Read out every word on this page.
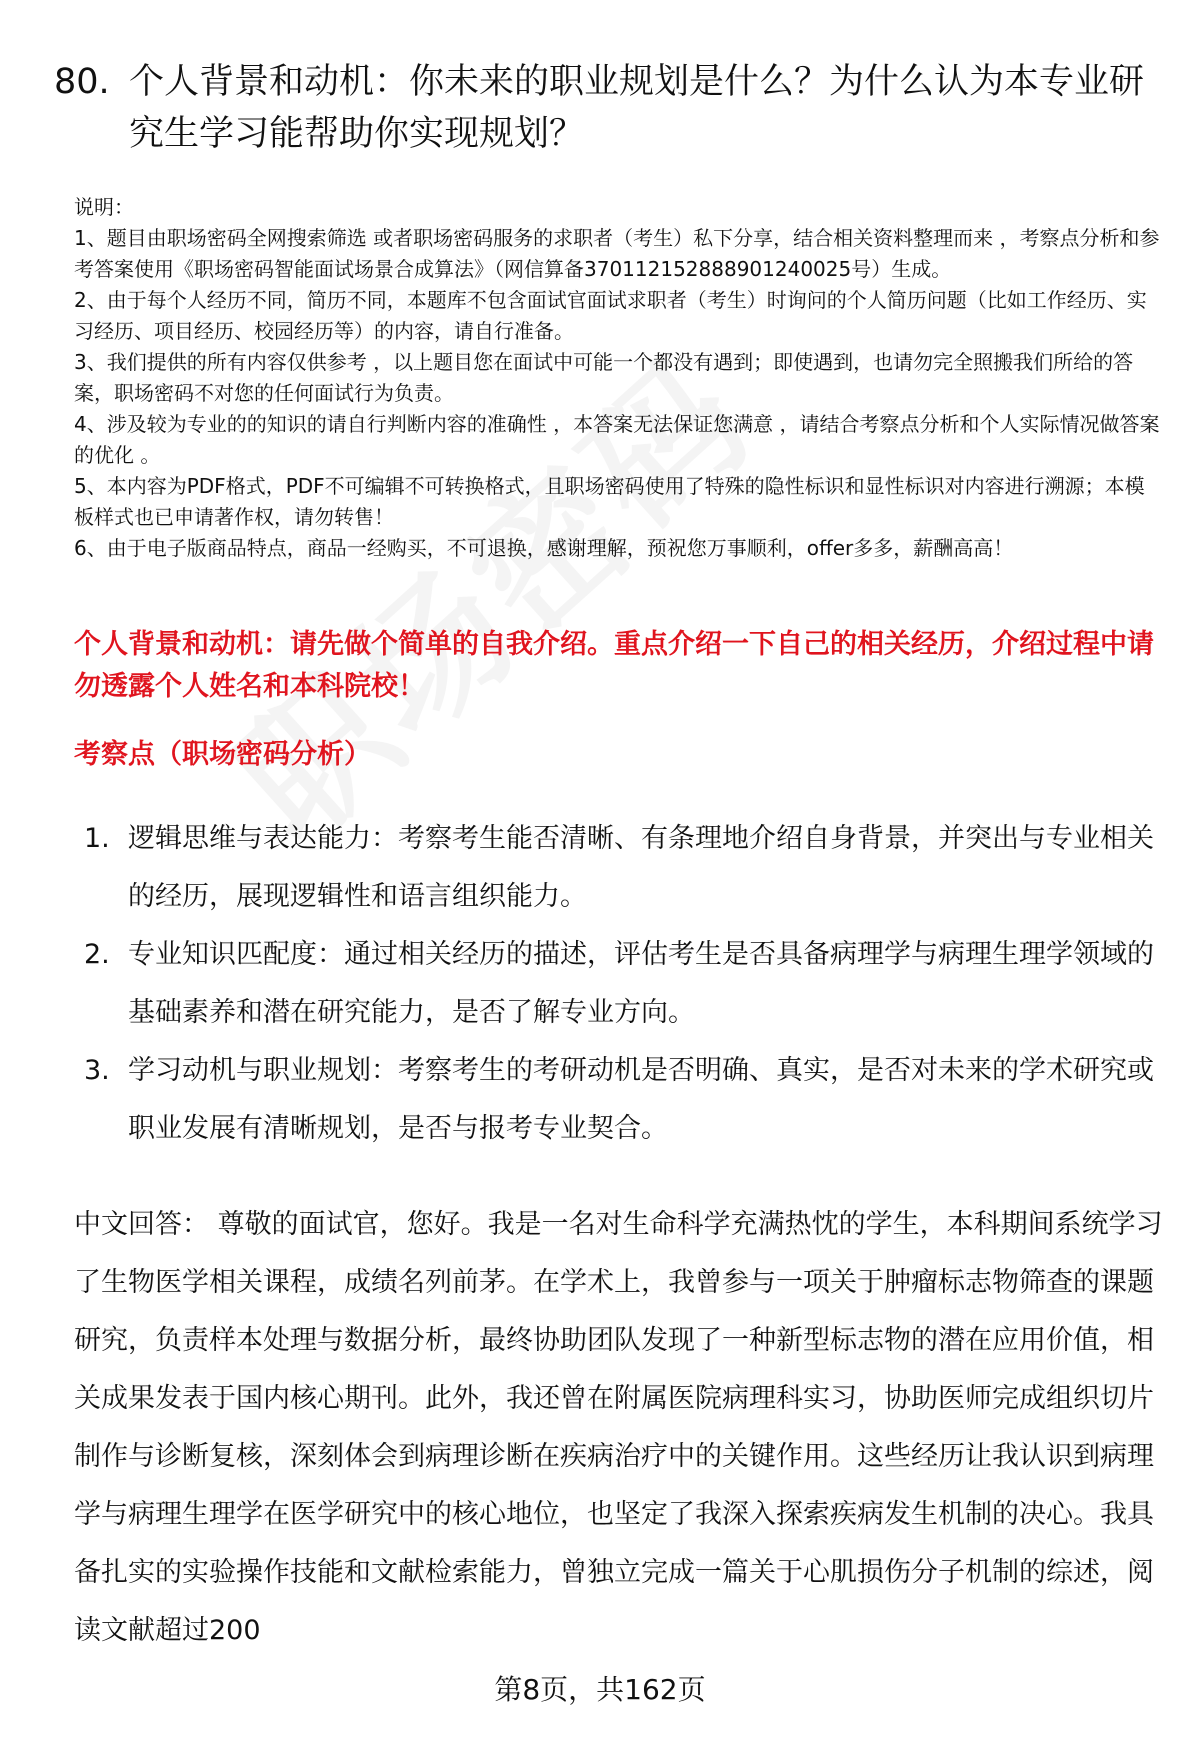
80. 个人背景和动机：你未来的职业规划是什么？为什么认为本专业研究生学习能帮助你实现规划？

说明：

1、题目由职场密码全网搜索筛选 或者职场密码服务的求职者（考生）私下分享，结合相关资料整理而来 ，考察点分析和参考答案使用《职场密码智能面试场景合成算法》（网信算备370112152888901240025号）生成。

2、由于每个人经历不同，简历不同，本题库不包含面试官面试求职者（考生）时询问的个人简历问题（比如工作经历、实习经历、项目经历、校园经历等）的内容，请自行准备。

3、我们提供的所有内容仅供参考 ，以上题目您在面试中可能一个都没有遇到；即使遇到，也请勿完全照搬我们所给的答案，职场密码不对您的任何面试行为负责。

4、涉及较为专业的的知识的请自行判断内容的准确性 ，本答案无法保证您满意 ，请结合考察点分析和个人实际情况做答案的优化 。

5、本内容为PDF格式，PDF不可编辑不可转换格式，且职场密码使用了特殊的隐性标识和显性标识对内容进行溯源；本模板样式也已申请著作权，请勿转售！

6、由于电子版商品特点，商品一经购买，不可退换，感谢理解，预祝您万事顺利，offer多多，薪酬高高！

个人背景和动机：请先做个简单的自我介绍。重点介绍一下自己的相关经历，介绍过程中请勿透露个人姓名和本科院校！
考察点（职场密码分析）
1. 逻辑思维与表达能力：考察考生能否清晰、有条理地介绍自身背景，并突出与专业相关的经历，展现逻辑性和语言组织能力。
2. 专业知识匹配度：通过相关经历的描述，评估考生是否具备病理学与病理生理学领域的基础素养和潜在研究能力，是否了解专业方向。
3. 学习动机与职业规划：考察考生的考研动机是否明确、真实，是否对未来的学术研究或职业发展有清晰规划，是否与报考专业契合。
中文回答： 尊敬的面试官，您好。我是一名对生命科学充满热忱的学生，本科期间系统学习了生物医学相关课程，成绩名列前茅。在学术上，我曾参与一项关于肿瘤标志物筛查的课题研究，负责样本处理与数据分析，最终协助团队发现了一种新型标志物的潜在应用价值，相关成果发表于国内核心期刊。此外，我还曾在附属医院病理科实习，协助医师完成组织切片制作与诊断复核，深刻体会到病理诊断在疾病治疗中的关键作用。这些经历让我认识到病理学与病理生理学在医学研究中的核心地位，也坚定了我深入探索疾病发生机制的决心。我具备扎实的实验操作技能和文献检索能力，曾独立完成一篇关于心肌损伤分子机制的综述，阅读文献超过200
第8页，共162页
